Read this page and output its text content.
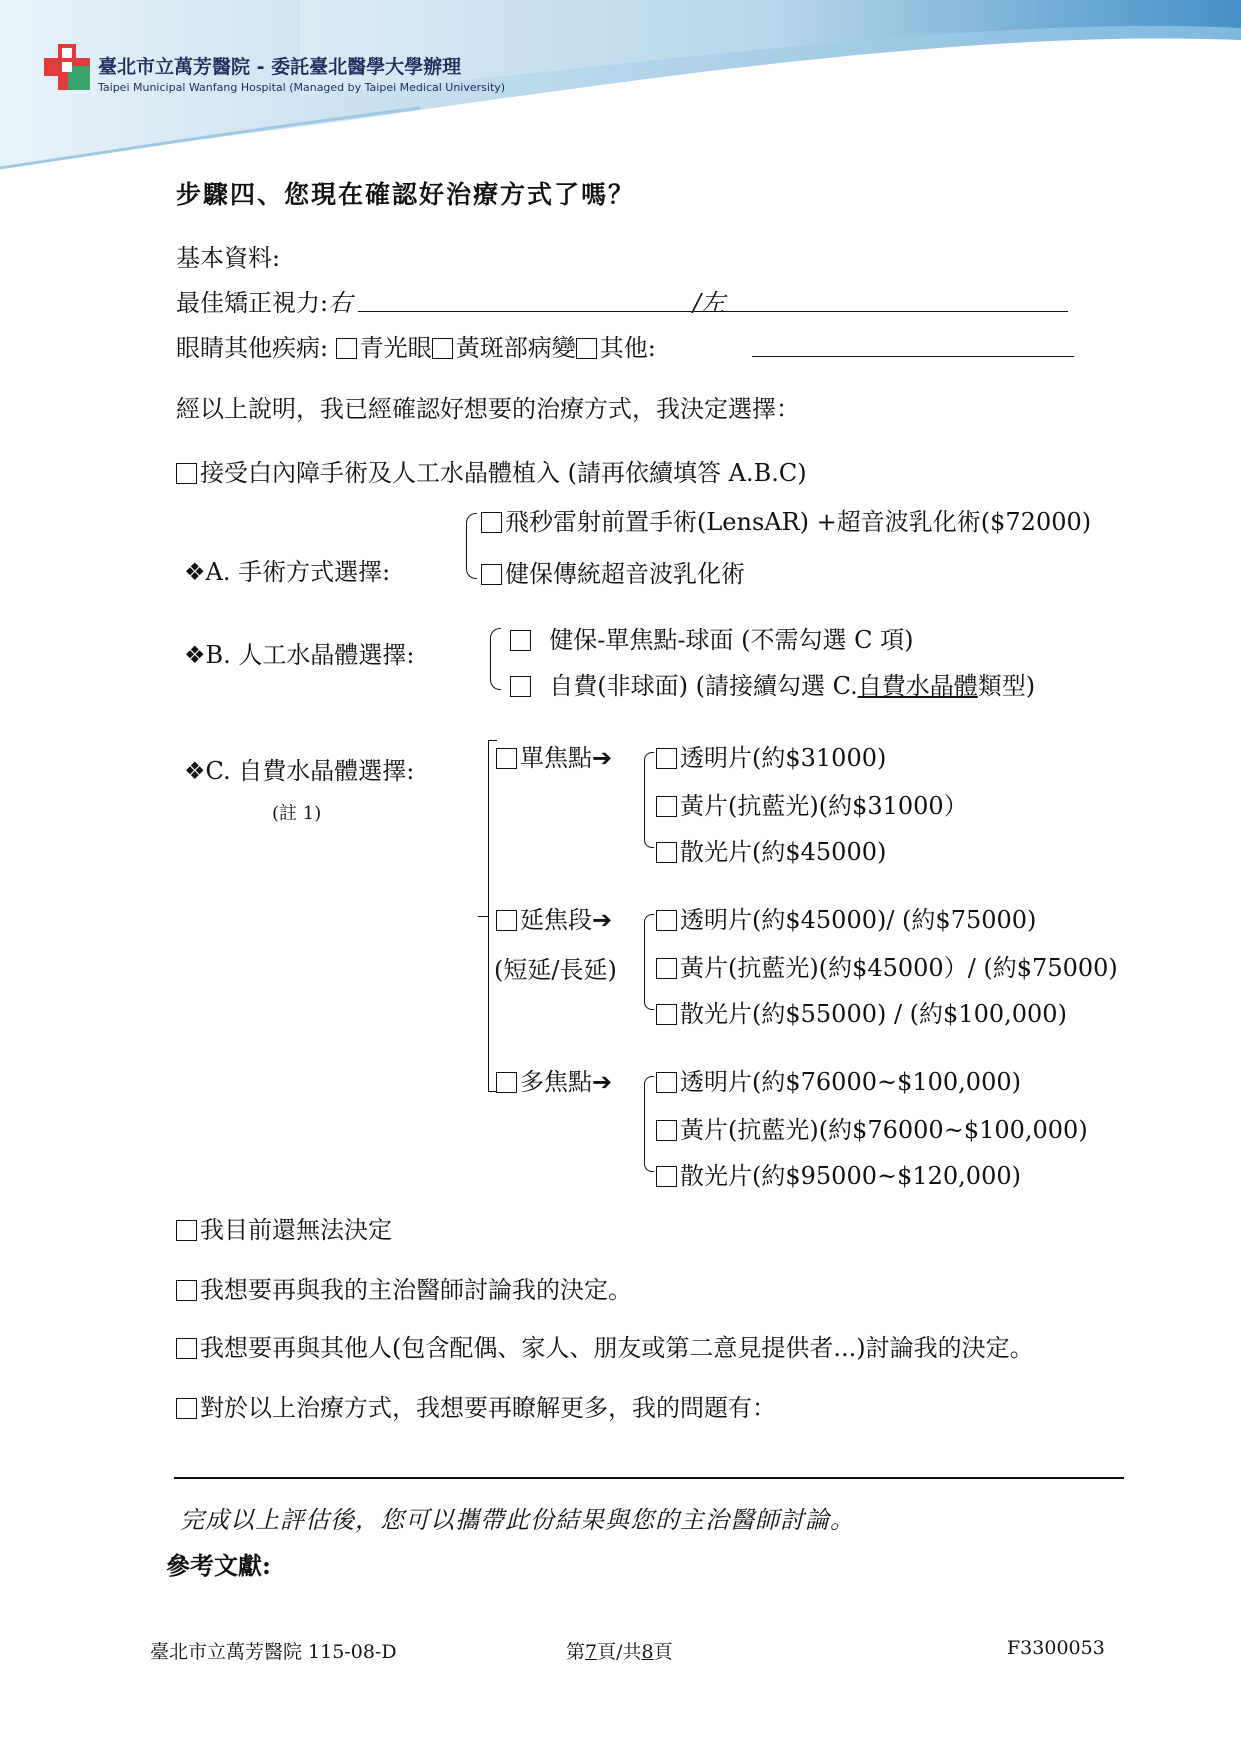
臺北市立萬芳醫院 - 委託臺北醫學大學辦理
Taipei Municipal Wanfang Hospital (Managed by Taipei Medical University)
步驟四、您現在確認好治療方式了嗎？
基本資料:
最佳矯正視力:右	/左
眼睛其他疾病: 青光眼 黃斑部病變 其他:
經以上說明，我已經確認好想要的治療方式，我決定選擇：
接受白內障手術及人工水晶體植入 (請再依續填答 A.B.C)
❖A. 手術方式選擇:
飛秒雷射前置手術(LensAR) +超音波乳化術($72000)
健保傳統超音波乳化術
❖B. 人工水晶體選擇:
健保-單焦點-球面 (不需勾選 C 項)
自費(非球面) (請接續勾選 C.自費水晶體類型)
❖C. 自費水晶體選擇:
(註 1)
單焦點➔	透明片(約$31000)
黃片(抗藍光)(約$31000）
散光片(約$45000)
延焦段➔
(短延/長延)
透明片(約$45000)/ (約$75000)
黃片(抗藍光)(約$45000）/ (約$75000)
散光片(約$55000) / (約$100,000)
多焦點➔	透明片(約$76000~$100,000)
黃片(抗藍光)(約$76000~$100,000)
散光片(約$95000~$120,000)
我目前還無法決定
我想要再與我的主治醫師討論我的決定。
我想要再與其他人(包含配偶、家人、朋友或第二意見提供者...)討論我的決定。
對於以上治療方式，我想要再瞭解更多，我的問題有：
完成以上評估後，您可以攜帶此份結果與您的主治醫師討論。
參考文獻:
臺北市立萬芳醫院 115-08-D	第7頁/共8頁	F3300053
